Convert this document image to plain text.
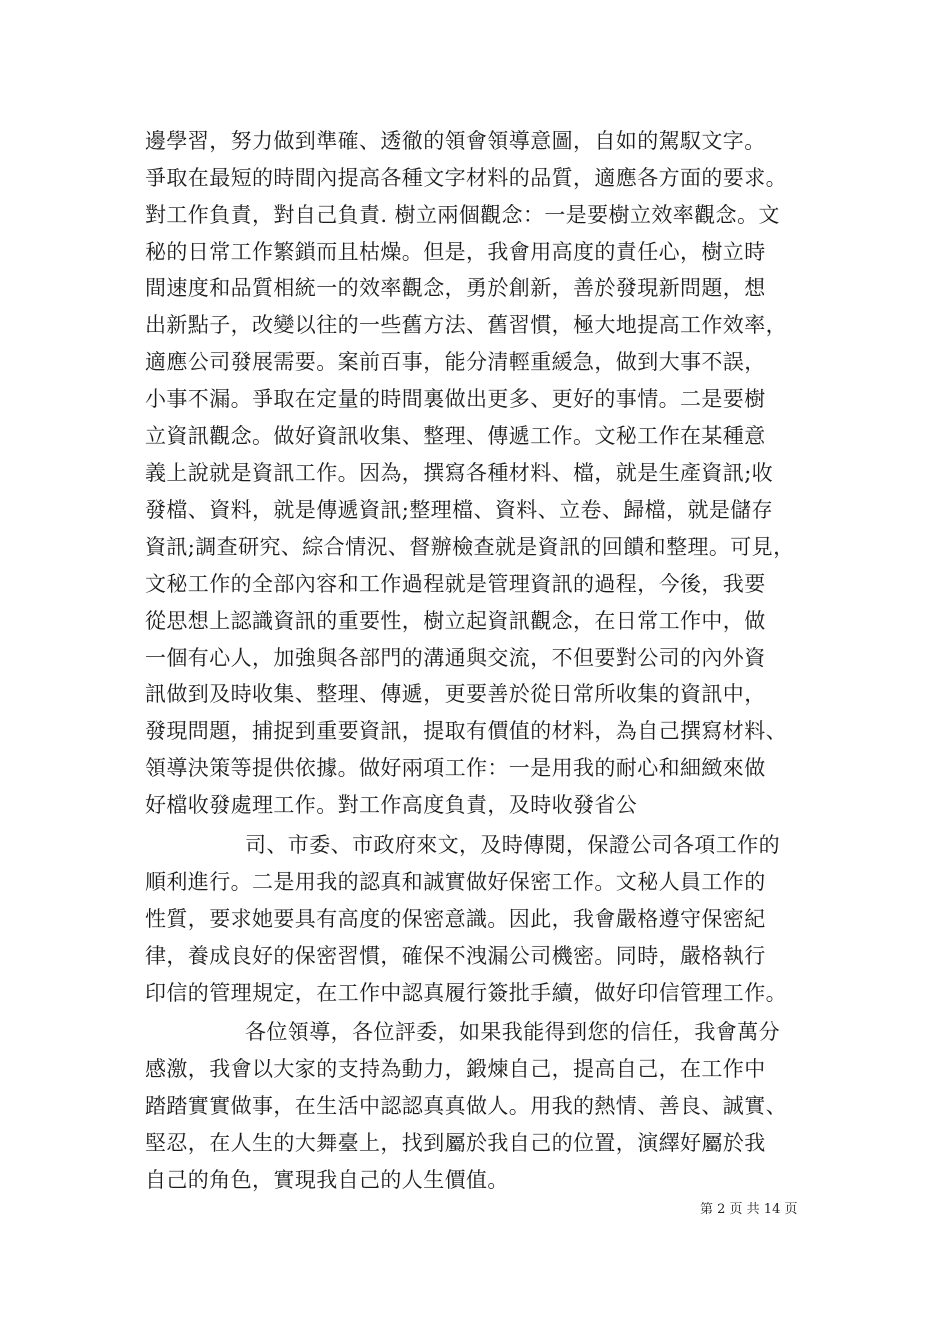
邊學習，努力做到準確、透徹的領會領導意圖，自如的駕馭文字。
爭取在最短的時間內提高各種文字材料的品質，適應各方面的要求。
對工作負責，對自己負責. 樹立兩個觀念：一是要樹立效率觀念。文
秘的日常工作繁鎖而且枯燥。但是，我會用高度的責任心，樹立時
間速度和品質相統一的效率觀念，勇於創新，善於發現新問題，想
出新點子，改變以往的一些舊方法、舊習慣，極大地提高工作效率，
適應公司發展需要。案前百事，能分清輕重緩急，做到大事不誤，
小事不漏。爭取在定量的時間裏做出更多、更好的事情。二是要樹
立資訊觀念。做好資訊收集、整理、傳遞工作。文秘工作在某種意
義上說就是資訊工作。因為，撰寫各種材料、檔，就是生產資訊;收
發檔、資料，就是傳遞資訊;整理檔、資料、立卷、歸檔，就是儲存
資訊;調查研究、綜合情況、督辦檢查就是資訊的回饋和整理。可見，
文秘工作的全部內容和工作過程就是管理資訊的過程，今後，我要
從思想上認識資訊的重要性，樹立起資訊觀念，在日常工作中，做
一個有心人，加強與各部門的溝通與交流，不但要對公司的內外資
訊做到及時收集、整理、傳遞，更要善於從日常所收集的資訊中，
發現問題，捕捉到重要資訊，提取有價值的材料，為自己撰寫材料、
領導決策等提供依據。做好兩項工作：一是用我的耐心和細緻來做
好檔收發處理工作。對工作高度負責，及時收發省公
司、市委、市政府來文，及時傳閱，保證公司各項工作的
順利進行。二是用我的認真和誠實做好保密工作。文秘人員工作的
性質，要求她要具有高度的保密意識。因此，我會嚴格遵守保密紀
律，養成良好的保密習慣，確保不洩漏公司機密。同時，嚴格執行
印信的管理規定，在工作中認真履行簽批手續，做好印信管理工作。
各位領導，各位評委，如果我能得到您的信任，我會萬分
感激，我會以大家的支持為動力，鍛煉自己，提高自己，在工作中
踏踏實實做事，在生活中認認真真做人。用我的熱情、善良、誠實、
堅忍，在人生的大舞臺上，找到屬於我自己的位置，演繹好屬於我
自己的角色，實現我自己的人生價值。
第 2 页 共 14 页
